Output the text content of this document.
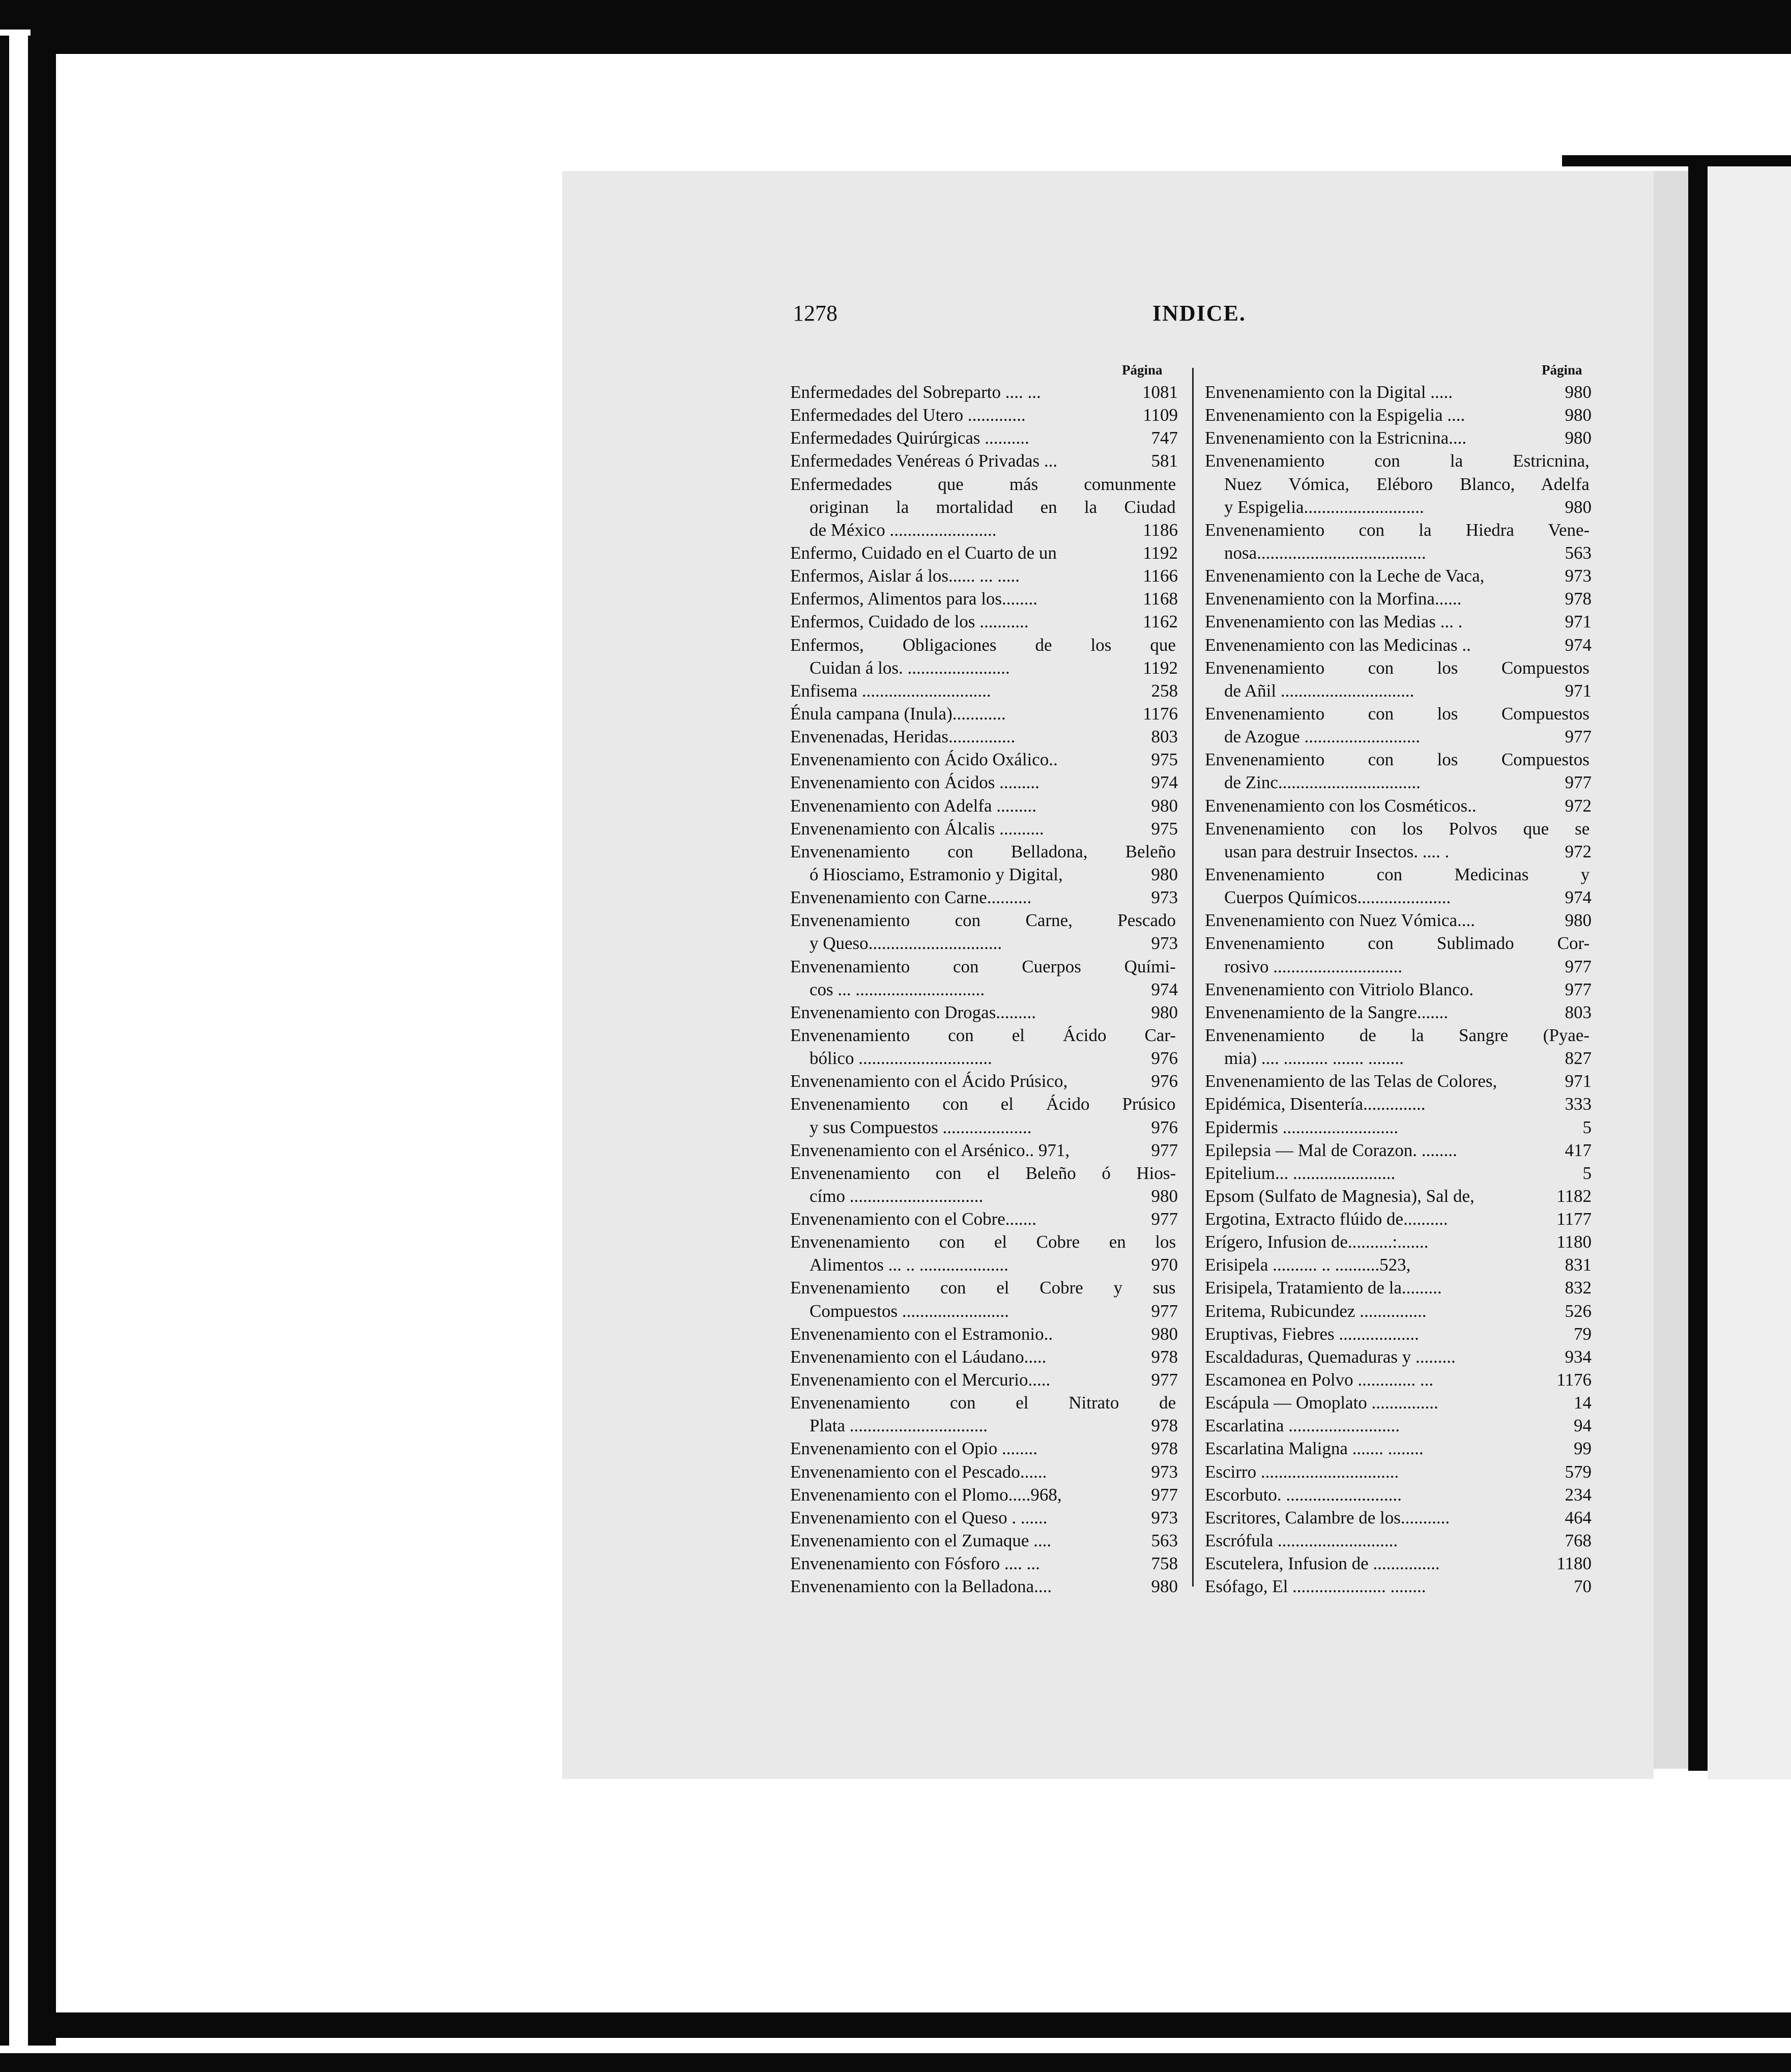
1278	INDICE.
Página	Página
Enfermedades del Sobreparto .... ...	1081
Enfermedades del Utero .............	1109
Enfermedades Quirúrgicas ..........	747
Enfermedades Venéreas ó Privadas ...	581
Enfermedades que más comunmente
originan la mortalidad en la Ciudad
de México ........................	1186
Enfermo, Cuidado en el Cuarto de un	1192
Enfermos, Aislar á los...... ... .....	1166
Enfermos, Alimentos para los........	1168
Enfermos, Cuidado de los ...........	1162
Enfermos, Obligaciones de los que
Cuidan á los. .......................	1192
Enfisema .............................	258
Énula campana (Inula)............	1176
Envenenadas, Heridas...............	803
Envenenamiento con Ácido Oxálico..	975
Envenenamiento con Ácidos .........	974
Envenenamiento con Adelfa .........	980
Envenenamiento con Álcalis ..........	975
Envenenamiento con Belladona, Beleño
ó Hiosciamo, Estramonio y Digital,	980
Envenenamiento con Carne..........	973
Envenenamiento con Carne, Pescado
y Queso..............................	973
Envenenamiento con Cuerpos Quími-
cos ... .............................	974
Envenenamiento con Drogas.........	980
Envenenamiento con el Ácido Car-
bólico ..............................	976
Envenenamiento con el Ácido Prúsico,	976
Envenenamiento con el Ácido Prúsico
y sus Compuestos ....................	976
Envenenamiento con el Arsénico.. 971,	977
Envenenamiento con el Beleño ó Hios-
címo ..............................	980
Envenenamiento con el Cobre.......	977
Envenenamiento con el Cobre en los
Alimentos ... .. ....................	970
Envenenamiento con el Cobre y sus
Compuestos ........................	977
Envenenamiento con el Estramonio..	980
Envenenamiento con el Láudano.....	978
Envenenamiento con el Mercurio.....	977
Envenenamiento con el Nitrato de
Plata ...............................	978
Envenenamiento con el Opio ........	978
Envenenamiento con el Pescado......	973
Envenenamiento con el Plomo.....968,	977
Envenenamiento con el Queso . ......	973
Envenenamiento con el Zumaque ....	563
Envenenamiento con Fósforo .... ...	758
Envenenamiento con la Belladona....	980
Envenenamiento con la Digital .....	980
Envenenamiento con la Espigelia ....	980
Envenenamiento con la Estricnina....	980
Envenenamiento con la Estricnina,
Nuez Vómica, Eléboro Blanco, Adelfa
y Espigelia...........................	980
Envenenamiento con la Hiedra Vene-
nosa......................................	563
Envenenamiento con la Leche de Vaca,	973
Envenenamiento con la Morfina......	978
Envenenamiento con las Medias ... .	971
Envenenamiento con las Medicinas ..	974
Envenenamiento con los Compuestos
de Añil ..............................	971
Envenenamiento con los Compuestos
de Azogue ..........................	977
Envenenamiento con los Compuestos
de Zinc................................	977
Envenenamiento con los Cosméticos..	972
Envenenamiento con los Polvos que se
usan para destruir Insectos. .... .	972
Envenenamiento con Medicinas y
Cuerpos Químicos.....................	974
Envenenamiento con Nuez Vómica....	980
Envenenamiento con Sublimado Cor-
rosivo .............................	977
Envenenamiento con Vitriolo Blanco.	977
Envenenamiento de la Sangre.......	803
Envenenamiento de la Sangre (Pyae-
mia) .... .......... ....... ........	827
Envenenamiento de las Telas de Colores,	971
Epidémica, Disentería..............	333
Epidermis ..........................	5
Epilepsia — Mal de Corazon. ........	417
Epitelium... .......................	5
Epsom (Sulfato de Magnesia), Sal de,	1182
Ergotina, Extracto flúido de..........	1177
Erígero, Infusion de..........:.......	1180
Erisipela .......... .. ..........523,	831
Erisipela, Tratamiento de la.........	832
Eritema, Rubicundez ...............	526
Eruptivas, Fiebres ..................	79
Escaldaduras, Quemaduras y .........	934
Escamonea en Polvo ............. ...	1176
Escápula — Omoplato ...............	14
Escarlatina .........................	94
Escarlatina Maligna ....... ........	99
Escirro ...............................	579
Escorbuto. ..........................	234
Escritores, Calambre de los...........	464
Escrófula ...........................	768
Escutelera, Infusion de ...............	1180
Esófago, El ..................... ........	70
